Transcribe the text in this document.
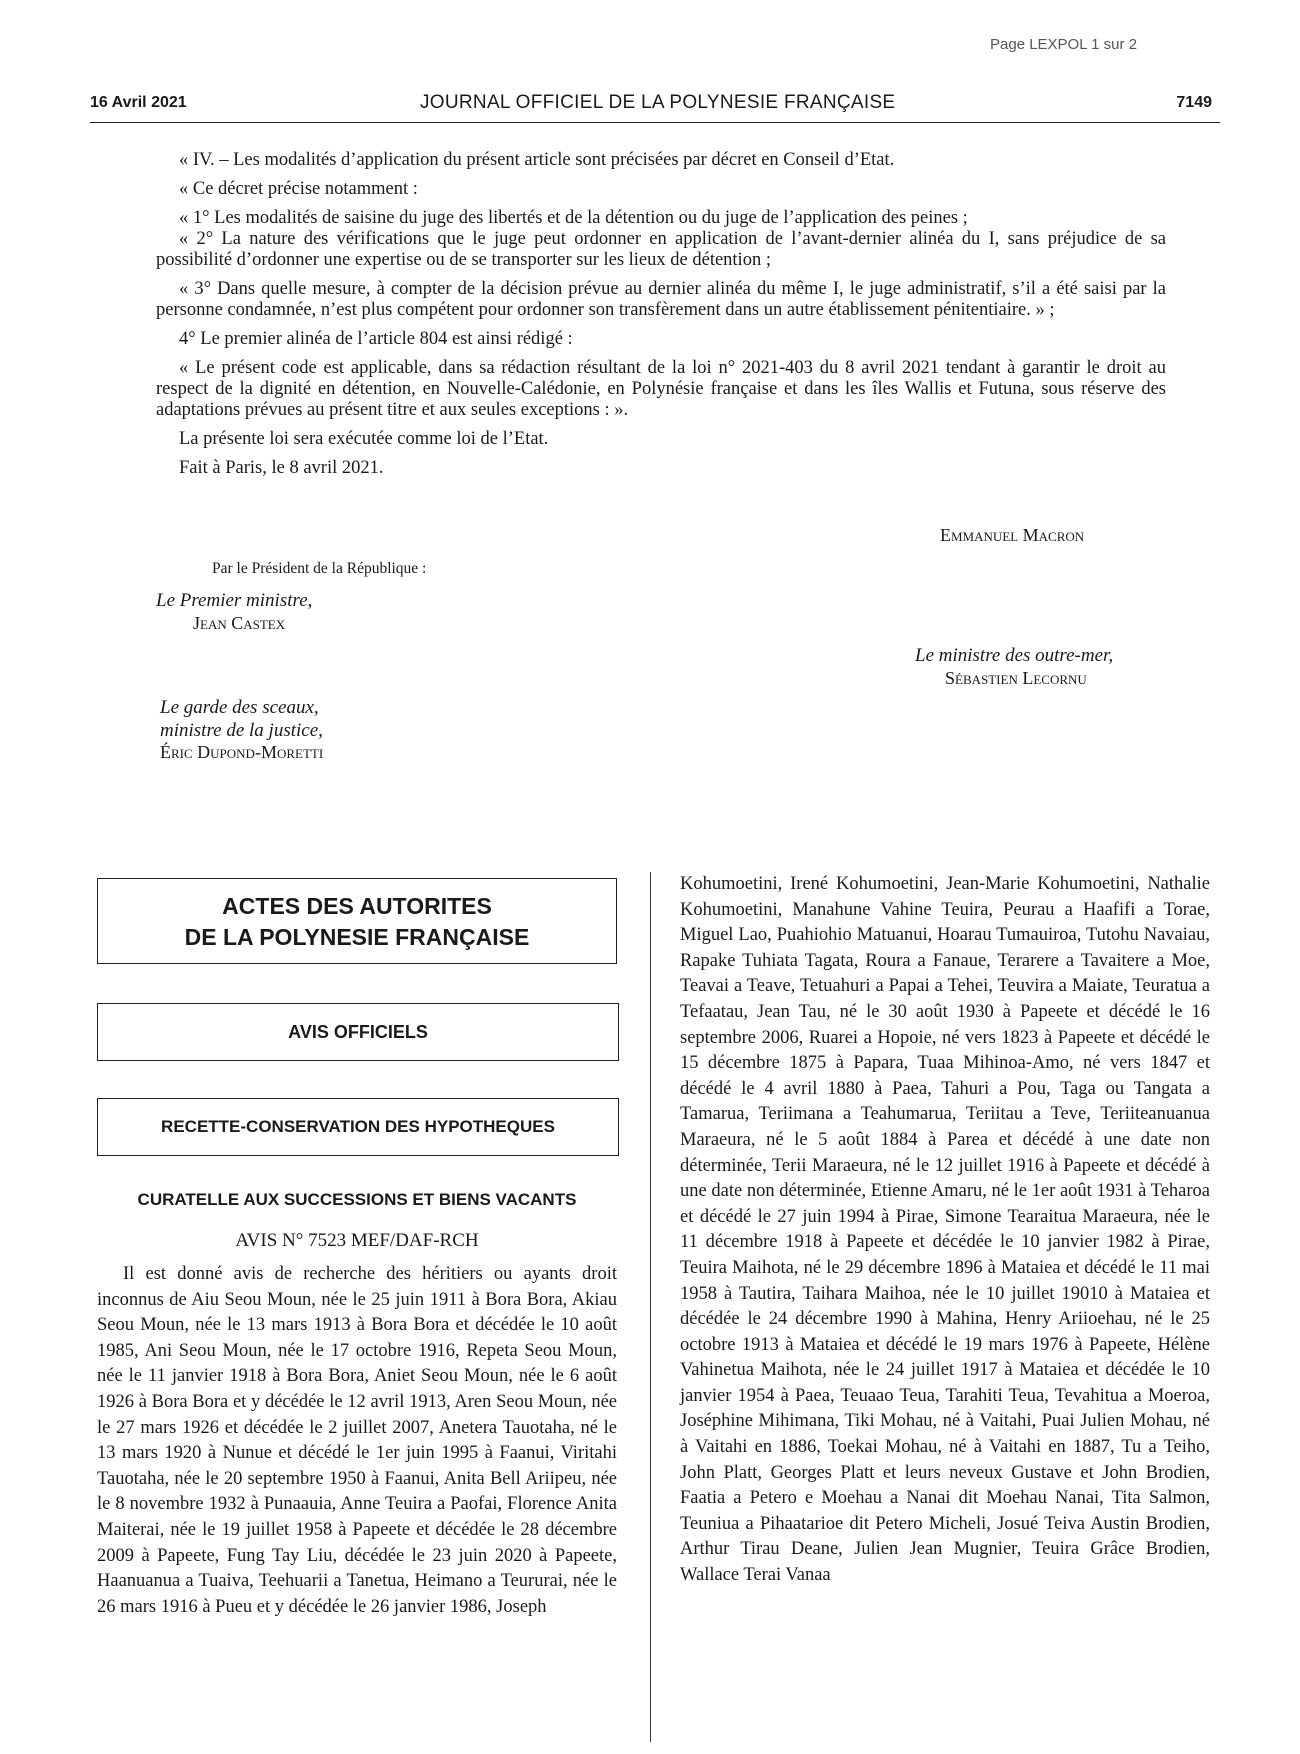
Page LEXPOL 1 sur 2
16 Avril 2021	JOURNAL OFFICIEL DE LA POLYNESIE FRANÇAISE	7149

« IV. – Les modalités d’application du présent article sont précisées par décret en Conseil d’Etat.

« Ce décret précise notamment :

« 1° Les modalités de saisine du juge des libertés et de la détention ou du juge de l’application des peines ;

« 2° La nature des vérifications que le juge peut ordonner en application de l’avant-dernier alinéa du I, sans préjudice de sa possibilité d’ordonner une expertise ou de se transporter sur les lieux de détention ;

« 3° Dans quelle mesure, à compter de la décision prévue au dernier alinéa du même I, le juge administratif, s’il a été saisi par la personne condamnée, n’est plus compétent pour ordonner son transfèrement dans un autre établissement pénitentiaire. » ;

4° Le premier alinéa de l’article 804 est ainsi rédigé :

« Le présent code est applicable, dans sa rédaction résultant de la loi n° 2021-403 du 8 avril 2021 tendant à garantir le droit au respect de la dignité en détention, en Nouvelle-Calédonie, en Polynésie française et dans les îles Wallis et Futuna, sous réserve des adaptations prévues au présent titre et aux seules exceptions : ».

La présente loi sera exécutée comme loi de l’Etat.

Fait à Paris, le 8 avril 2021.

Emmanuel Macron
Par le Président de la République :
Le Premier ministre,
Jean Castex
Le ministre des outre-mer,
Sébastien Lecornu
Le garde des sceaux,
ministre de la justice,
Éric Dupond-Moretti
ACTES DES AUTORITES
DE LA POLYNESIE FRANÇAISE
AVIS OFFICIELS
RECETTE-CONSERVATION DES HYPOTHEQUES
CURATELLE AUX SUCCESSIONS ET BIENS VACANTS
AVIS N° 7523 MEF/DAF-RCH
Il est donné avis de recherche des héritiers ou ayants droit inconnus de Aiu Seou Moun, née le 25 juin 1911 à Bora Bora, Akiau Seou Moun, née le 13 mars 1913 à Bora Bora et décédée le 10 août 1985, Ani Seou Moun, née le 17 octobre 1916, Repeta Seou Moun, née le 11 janvier 1918 à Bora Bora, Aniet Seou Moun, née le 6 août 1926 à Bora Bora et y décédée le 12 avril 1913, Aren Seou Moun, née le 27 mars 1926 et décédée le 2 juillet 2007, Anetera Tauotaha, né le 13 mars 1920 à Nunue et décédé le 1er juin 1995 à Faanui, Viritahi Tauotaha, née le 20 septembre 1950 à Faanui, Anita Bell Ariipeu, née le 8 novembre 1932 à Punaauia, Anne Teuira a Paofai, Florence Anita Maiterai, née le 19 juillet 1958 à Papeete et décédée le 28 décembre 2009 à Papeete, Fung Tay Liu, décédée le 23 juin 2020 à Papeete, Haanuanua a Tuaiva, Teehuarii a Tanetua, Heimano a Teururai, née le 26 mars 1916 à Pueu et y décédée le 26 janvier 1986, Joseph
Kohumoetini, Irené Kohumoetini, Jean-Marie Kohumoetini, Nathalie Kohumoetini, Manahune Vahine Teuira, Peurau a Haafifi a Torae, Miguel Lao, Puahiohio Matuanui, Hoarau Tumauiroa, Tutohu Navaiau, Rapake Tuhiata Tagata, Roura a Fanaue, Terarere a Tavaitere a Moe, Teavai a Teave, Tetuahuri a Papai a Tehei, Teuvira a Maiate, Teuratua a Tefaatau, Jean Tau, né le 30 août 1930 à Papeete et décédé le 16 septembre 2006, Ruarei a Hopoie, né vers 1823 à Papeete et décédé le 15 décembre 1875 à Papara, Tuaa Mihinoa-Amo, né vers 1847 et décédé le 4 avril 1880 à Paea, Tahuri a Pou, Taga ou Tangata a Tamarua, Teriimana a Teahumarua, Teriitau a Teve, Teriiteanuanua Maraeura, né le 5 août 1884 à Parea et décédé à une date non déterminée, Terii Maraeura, né le 12 juillet 1916 à Papeete et décédé à une date non déterminée, Etienne Amaru, né le 1er août 1931 à Teharoa et décédé le 27 juin 1994 à Pirae, Simone Tearaitua Maraeura, née le 11 décembre 1918 à Papeete et décédée le 10 janvier 1982 à Pirae, Teuira Maihota, né le 29 décembre 1896 à Mataiea et décédé le 11 mai 1958 à Tautira, Taihara Maihoa, née le 10 juillet 19010 à Mataiea et décédée le 24 décembre 1990 à Mahina, Henry Ariioehau, né le 25 octobre 1913 à Mataiea et décédé le 19 mars 1976 à Papeete, Hélène Vahinetua Maihota, née le 24 juillet 1917 à Mataiea et décédée le 10 janvier 1954 à Paea, Teuaao Teua, Tarahiti Teua, Tevahitua a Moeroa, Joséphine Mihimana, Tiki Mohau, né à Vaitahi, Puai Julien Mohau, né à Vaitahi en 1886, Toekai Mohau, né à Vaitahi en 1887, Tu a Teiho, John Platt, Georges Platt et leurs neveux Gustave et John Brodien, Faatia a Petero e Moehau a Nanai dit Moehau Nanai, Tita Salmon, Teuniua a Pihaatarioe dit Petero Micheli, Josué Teiva Austin Brodien, Arthur Tirau Deane, Julien Jean Mugnier, Teuira Grâce Brodien, Wallace Terai Vanaa
